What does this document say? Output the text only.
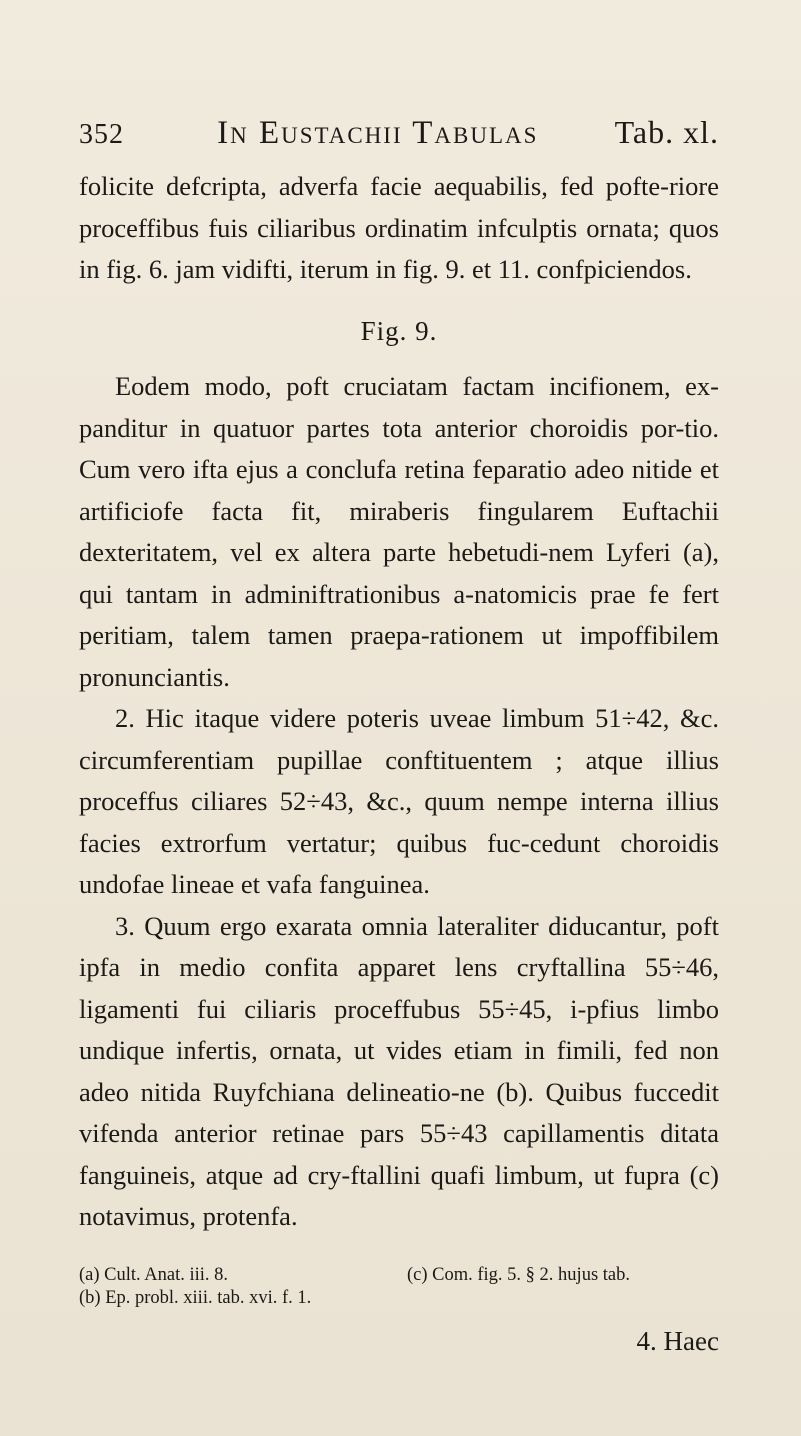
352	In Eustachii Tabulas	Tab. xl.

folicite defcripta, adverfa facie aequabilis, fed pofte-riore proceffibus fuis ciliaribus ordinatim infculptis ornata; quos in fig. 6. jam vidifti, iterum in fig. 9. et 11. confpiciendos.

Fig. 9.

Eodem modo, poft cruciatam factam incifionem, ex-panditur in quatuor partes tota anterior choroidis por-tio. Cum vero ifta ejus a conclufa retina feparatio adeo nitide et artificiofe facta fit, miraberis fingularem Euftachii dexteritatem, vel ex altera parte hebetudi-nem Lyferi (a), qui tantam in adminiftrationibus a-natomicis prae fe fert peritiam, talem tamen praepa-rationem ut impoffibilem pronunciantis.

2. Hic itaque videre poteris uveae limbum 51÷42, &c. circumferentiam pupillae conftituentem ; atque illius proceffus ciliares 52÷43, &c., quum nempe interna illius facies extrorfum vertatur; quibus fuc-cedunt choroidis undofae lineae et vafa fanguinea.

3. Quum ergo exarata omnia lateraliter diducantur, poft ipfa in medio confita apparet lens cryftallina 55÷46, ligamenti fui ciliaris proceffubus 55÷45, i-pfius limbo undique infertis, ornata, ut vides etiam in fimili, fed non adeo nitida Ruyfchiana delineatio-ne (b). Quibus fuccedit vifenda anterior retinae pars 55÷43 capillamentis ditata fanguineis, atque ad cry-ftallini quafi limbum, ut fupra (c) notavimus, protenfa.

(a) Cult. Anat. iii. 8.
(b) Ep. probl. xiii. tab. xvi. f. 1.
(c) Com. fig. 5. § 2. hujus tab.
4. Haec
